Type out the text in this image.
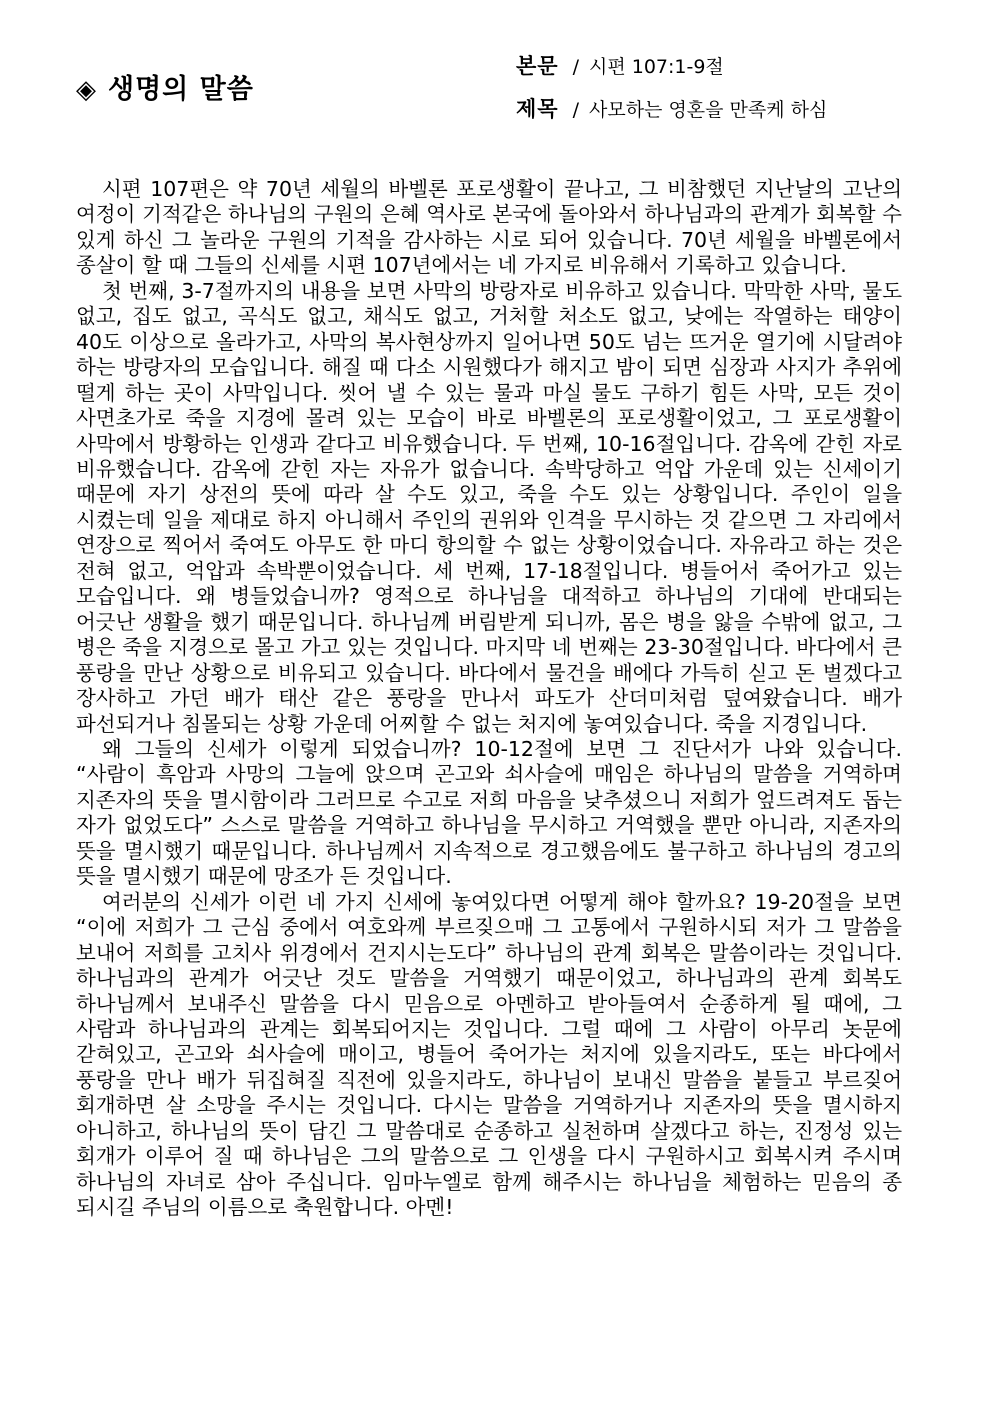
◈ 생명의 말씀
본문 / 시편 107:1-9절
제목 / 사모하는 영혼을 만족케 하심

시편 107편은 약 70년 세월의 바벨론 포로생활이 끝나고, 그 비참했던 지난날의 고난의 여정이 기적같은 하나님의 구원의 은혜 역사로 본국에 돌아와서 하나님과의 관계가 회복할 수 있게 하신 그 놀라운 구원의 기적을 감사하는 시로 되어 있습니다. 70년 세월을 바벨론에서 종살이 할 때 그들의 신세를 시편 107년에서는 네 가지로 비유해서 기록하고 있습니다.

첫 번째, 3-7절까지의 내용을 보면 사막의 방랑자로 비유하고 있습니다. 막막한 사막, 물도 없고, 집도 없고, 곡식도 없고, 채식도 없고, 거처할 처소도 없고, 낮에는 작열하는 태양이 40도 이상으로 올라가고, 사막의 복사현상까지 일어나면 50도 넘는 뜨거운 열기에 시달려야 하는 방랑자의 모습입니다. 해질 때 다소 시원했다가 해지고 밤이 되면 심장과 사지가 추위에 떨게 하는 곳이 사막입니다. 씻어 낼 수 있는 물과 마실 물도 구하기 힘든 사막, 모든 것이 사면초가로 죽을 지경에 몰려 있는 모습이 바로 바벨론의 포로생활이었고, 그 포로생활이 사막에서 방황하는 인생과 같다고 비유했습니다. 두 번째, 10-16절입니다. 감옥에 갇힌 자로 비유했습니다. 감옥에 갇힌 자는 자유가 없습니다. 속박당하고 억압 가운데 있는 신세이기 때문에 자기 상전의 뜻에 따라 살 수도 있고, 죽을 수도 있는 상황입니다. 주인이 일을 시켰는데 일을 제대로 하지 아니해서 주인의 권위와 인격을 무시하는 것 같으면 그 자리에서 연장으로 찍어서 죽여도 아무도 한 마디 항의할 수 없는 상황이었습니다. 자유라고 하는 것은 전혀 없고, 억압과 속박뿐이었습니다. 세 번째, 17-18절입니다. 병들어서 죽어가고 있는 모습입니다. 왜 병들었습니까? 영적으로 하나님을 대적하고 하나님의 기대에 반대되는 어긋난 생활을 했기 때문입니다. 하나님께 버림받게 되니까, 몸은 병을 앓을 수밖에 없고, 그 병은 죽을 지경으로 몰고 가고 있는 것입니다. 마지막 네 번째는 23-30절입니다. 바다에서 큰 풍랑을 만난 상황으로 비유되고 있습니다. 바다에서 물건을 배에다 가득히 싣고 돈 벌겠다고 장사하고 가던 배가 태산 같은 풍랑을 만나서 파도가 산더미처럼 덮여왔습니다. 배가 파선되거나 침몰되는 상황 가운데 어찌할 수 없는 처지에 놓여있습니다. 죽을 지경입니다.

왜 그들의 신세가 이렇게 되었습니까? 10-12절에 보면 그 진단서가 나와 있습니다. “사람이 흑암과 사망의 그늘에 앉으며 곤고와 쇠사슬에 매임은 하나님의 말씀을 거역하며 지존자의 뜻을 멸시함이라 그러므로 수고로 저희 마음을 낮추셨으니 저희가 엎드려져도 돕는 자가 없었도다” 스스로 말씀을 거역하고 하나님을 무시하고 거역했을 뿐만 아니라, 지존자의 뜻을 멸시했기 때문입니다. 하나님께서 지속적으로 경고했음에도 불구하고 하나님의 경고의 뜻을 멸시했기 때문에 망조가 든 것입니다.

여러분의 신세가 이런 네 가지 신세에 놓여있다면 어떻게 해야 할까요? 19-20절을 보면 “이에 저희가 그 근심 중에서 여호와께 부르짖으매 그 고통에서 구원하시되 저가 그 말씀을 보내어 저희를 고치사 위경에서 건지시는도다” 하나님의 관계 회복은 말씀이라는 것입니다. 하나님과의 관계가 어긋난 것도 말씀을 거역했기 때문이었고, 하나님과의 관계 회복도 하나님께서 보내주신 말씀을 다시 믿음으로 아멘하고 받아들여서 순종하게 될 때에, 그 사람과 하나님과의 관계는 회복되어지는 것입니다. 그럴 때에 그 사람이 아무리 놋문에 갇혀있고, 곤고와 쇠사슬에 매이고, 병들어 죽어가는 처지에 있을지라도, 또는 바다에서 풍랑을 만나 배가 뒤집혀질 직전에 있을지라도, 하나님이 보내신 말씀을 붙들고 부르짖어 회개하면 살 소망을 주시는 것입니다. 다시는 말씀을 거역하거나 지존자의 뜻을 멸시하지 아니하고, 하나님의 뜻이 담긴 그 말씀대로 순종하고 실천하며 살겠다고 하는, 진정성 있는 회개가 이루어 질 때 하나님은 그의 말씀으로 그 인생을 다시 구원하시고 회복시켜 주시며 하나님의 자녀로 삼아 주십니다. 임마누엘로 함께 해주시는 하나님을 체험하는 믿음의 종 되시길 주님의 이름으로 축원합니다. 아멘!
